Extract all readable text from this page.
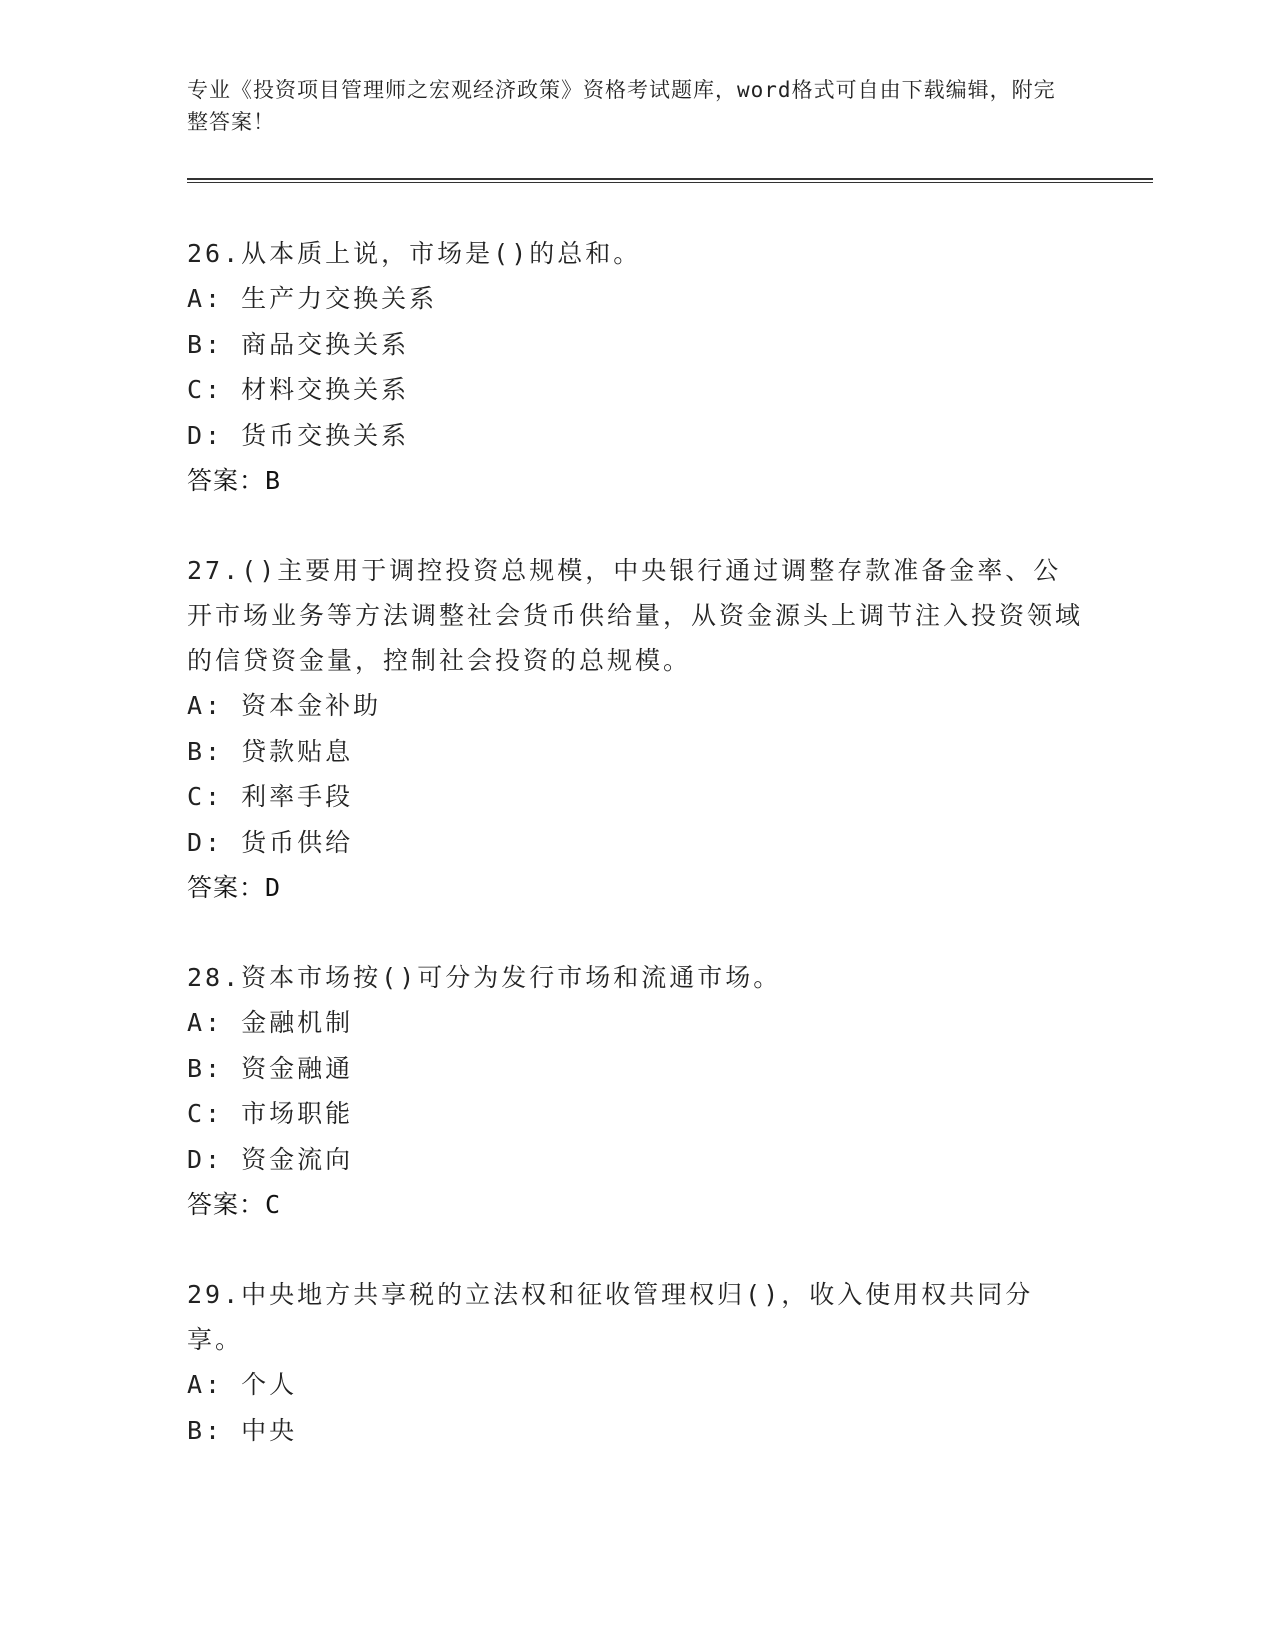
专业《投资项目管理师之宏观经济政策》资格考试题库，word格式可自由下载编辑，附完整答案！
26.从本质上说，市场是()的总和。
A: 生产力交换关系
B: 商品交换关系
C: 材料交换关系
D: 货币交换关系
答案：B
27.()主要用于调控投资总规模，中央银行通过调整存款准备金率、公开市场业务等方法调整社会货币供给量，从资金源头上调节注入投资领域的信贷资金量，控制社会投资的总规模。
A: 资本金补助
B: 贷款贴息
C: 利率手段
D: 货币供给
答案：D
28.资本市场按()可分为发行市场和流通市场。
A: 金融机制
B: 资金融通
C: 市场职能
D: 资金流向
答案：C
29.中央地方共享税的立法权和征收管理权归()，收入使用权共同分享。
A: 个人
B: 中央
